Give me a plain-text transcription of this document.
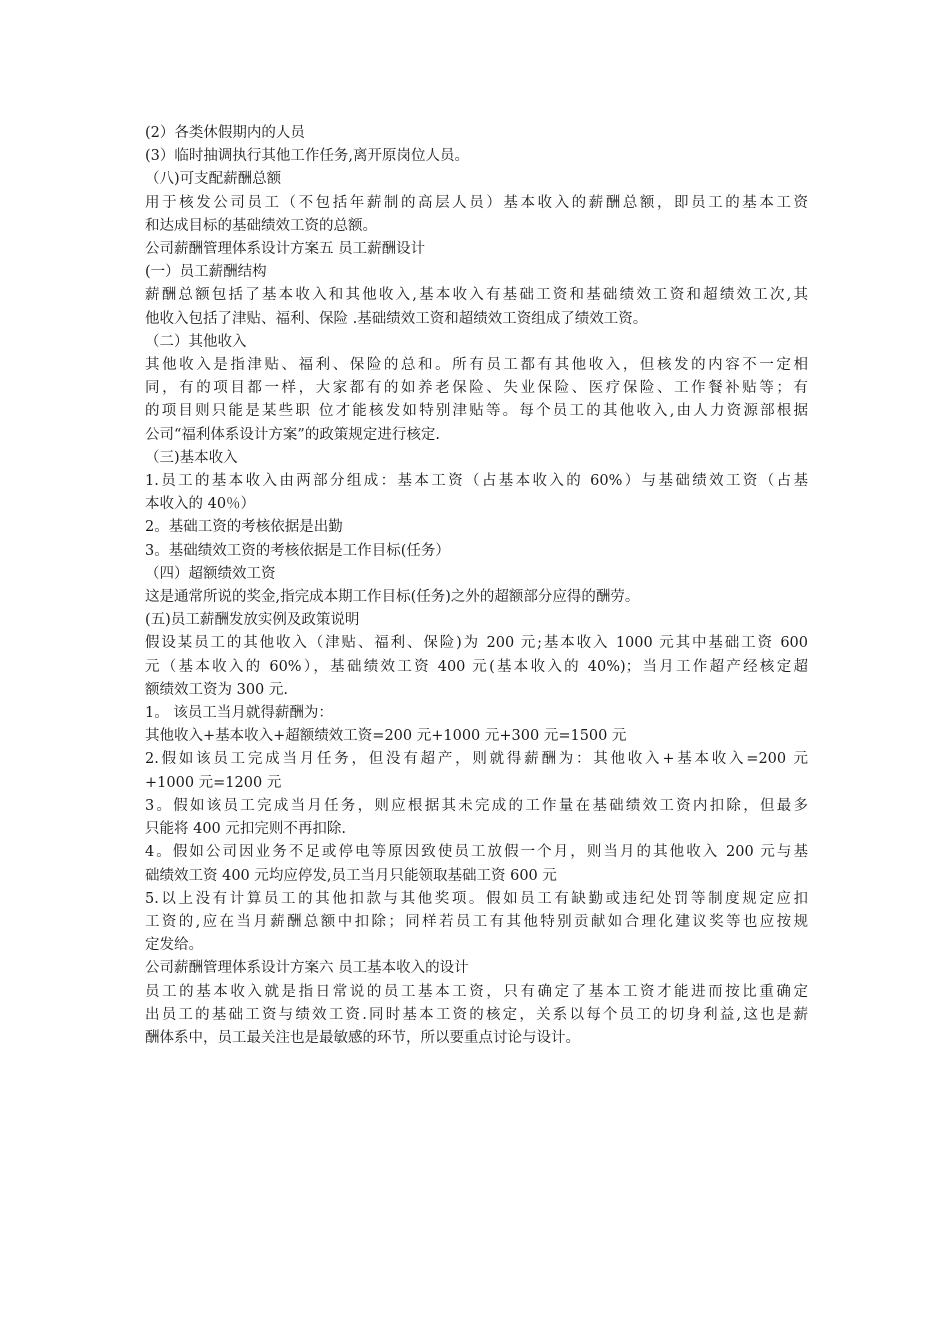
(2）各类休假期内的人员

(3）临时抽调执行其他工作任务,离开原岗位人员。

（八)可支配薪酬总额

用于核发公司员工（不包括年薪制的高层人员）基本收入的薪酬总额，即员工的基本工资

和达成目标的基础绩效工资的总额。

公司薪酬管理体系设计方案五 员工薪酬设计

(一）员工薪酬结构

薪酬总额包括了基本收入和其他收入,基本收入有基础工资和基础绩效工资和超绩效工次,其

他收入包括了津贴、福利、保险 .基础绩效工资和超绩效工资组成了绩效工资。

（二）其他收入

其他收入是指津贴、福利、保险的总和。所有员工都有其他收入，但核发的内容不一定相

同，有的项目都一样，大家都有的如养老保险、失业保险、医疗保险、工作餐补贴等；有

的项目则只能是某些职 位才能核发如特别津贴等。每个员工的其他收入,由人力资源部根据

公司“福利体系设计方案”的政策规定进行核定.

（三)基本收入

1.员工的基本收入由两部分组成：基本工资（占基本收入的 60%）与基础绩效工资（占基

本收入的 40％）

2。基础工资的考核依据是出勤

3。基础绩效工资的考核依据是工作目标(任务）

（四）超额绩效工资

这是通常所说的奖金,指完成本期工作目标(任务)之外的超额部分应得的酬劳。

(五)员工薪酬发放实例及政策说明

假设某员工的其他收入（津贴、福利、保险)为 200 元;基本收入 1000 元其中基础工资 600

元（基本收入的 60%），基础绩效工资 400 元(基本收入的 40%)；当月工作超产经核定超

额绩效工资为 300 元.

1。 该员工当月就得薪酬为：

其他收入+基本收入+超额绩效工资=200 元+1000 元+300 元=1500 元

2.假如该员工完成当月任务，但没有超产，则就得薪酬为：其他收入+基本收入=200 元

+1000 元=1200 元

3。假如该员工完成当月任务，则应根据其未完成的工作量在基础绩效工资内扣除，但最多

只能将 400 元扣完则不再扣除.

4。假如公司因业务不足或停电等原因致使员工放假一个月，则当月的其他收入 200 元与基

础绩效工资 400 元均应停发,员工当月只能领取基础工资 600 元

5.以上没有计算员工的其他扣款与其他奖项。假如员工有缺勤或违纪处罚等制度规定应扣

工资的,应在当月薪酬总额中扣除；同样若员工有其他特别贡献如合理化建议奖等也应按规

定发给。

公司薪酬管理体系设计方案六 员工基本收入的设计

员工的基本收入就是指日常说的员工基本工资，只有确定了基本工资才能进而按比重确定

出员工的基础工资与绩效工资.同时基本工资的核定，关系以每个员工的切身利益,这也是薪

酬体系中，员工最关注也是最敏感的环节，所以要重点讨论与设计。
